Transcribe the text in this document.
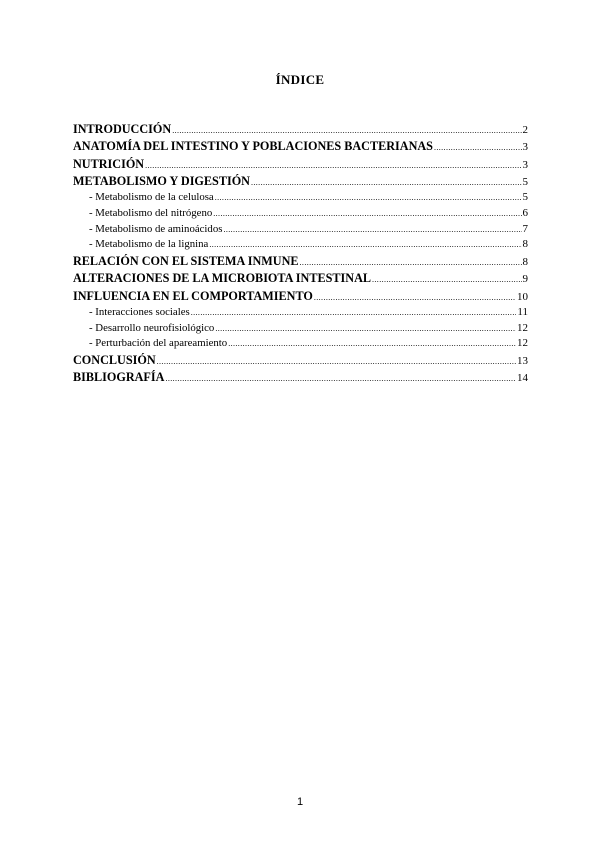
ÍNDICE
INTRODUCCIÓN .....	2
ANATOMÍA DEL INTESTINO Y POBLACIONES BACTERIANAS .....	3
NUTRICIÓN .....	3
METABOLISMO Y DIGESTIÓN .....	5
- Metabolismo de la celulosa .....	5
- Metabolismo del nitrógeno .....	6
- Metabolismo de aminoácidos .....	7
- Metabolismo de la lignina .....	8
RELACIÓN CON EL SISTEMA INMUNE .....	8
ALTERACIONES DE LA MICROBIOTA INTESTINAL .....	9
INFLUENCIA EN EL COMPORTAMIENTO .....	10
- Interacciones sociales .....	11
- Desarrollo neurofisiológico .....	12
- Perturbación del apareamiento .....	12
CONCLUSIÓN .....	13
BIBLIOGRAFÍA .....	14
1
